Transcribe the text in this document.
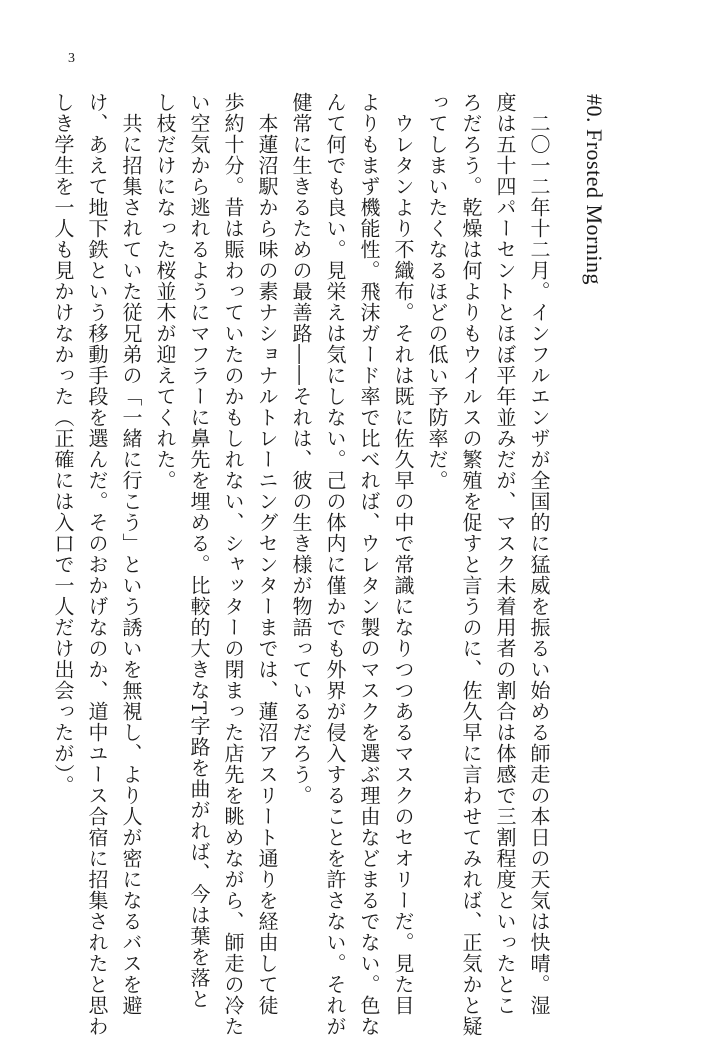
3
#0. Frosted Morning
　二〇一二年十二月。インフルエンザが全国的に猛威を振るい始める師走の本日の天気は快晴。湿
度は五十四パーセントとほぼ平年並みだが、マスク未着用者の割合は体感で三割程度といったとこ
ろだろう。乾燥は何よりもウイルスの繁殖を促すと言うのに、佐久早に言わせてみれば、正気かと疑
ってしまいたくなるほどの低い予防率だ。
　ウレタンより不織布。それは既に佐久早の中で常識になりつつあるマスクのセオリーだ。見た目
よりもまず機能性。飛沫ガード率で比べれば、ウレタン製のマスクを選ぶ理由などまるでない。色な
んて何でも良い。見栄えは気にしない。己の体内に僅かでも外界が侵入することを許さない。それが
健常に生きるための最善路――それは、彼の生き様が物語っているだろう。
　本蓮沼駅から味の素ナショナルトレーニングセンターまでは、蓮沼アスリート通りを経由して徒
歩約十分。昔は賑わっていたのかもしれない、シャッターの閉まった店先を眺めながら、師走の冷た
い空気から逃れるようにマフラーに鼻先を埋める。比較的大きなT字路を曲がれば、今は葉を落と
し枝だけになった桜並木が迎えてくれた。
　共に招集されていた従兄弟の「一緒に行こう」という誘いを無視し、より人が密になるバスを避
け、あえて地下鉄という移動手段を選んだ。そのおかげなのか、道中ユース合宿に招集されたと思わ
しき学生を一人も見かけなかった（正確には入口で一人だけ出会ったが）。
